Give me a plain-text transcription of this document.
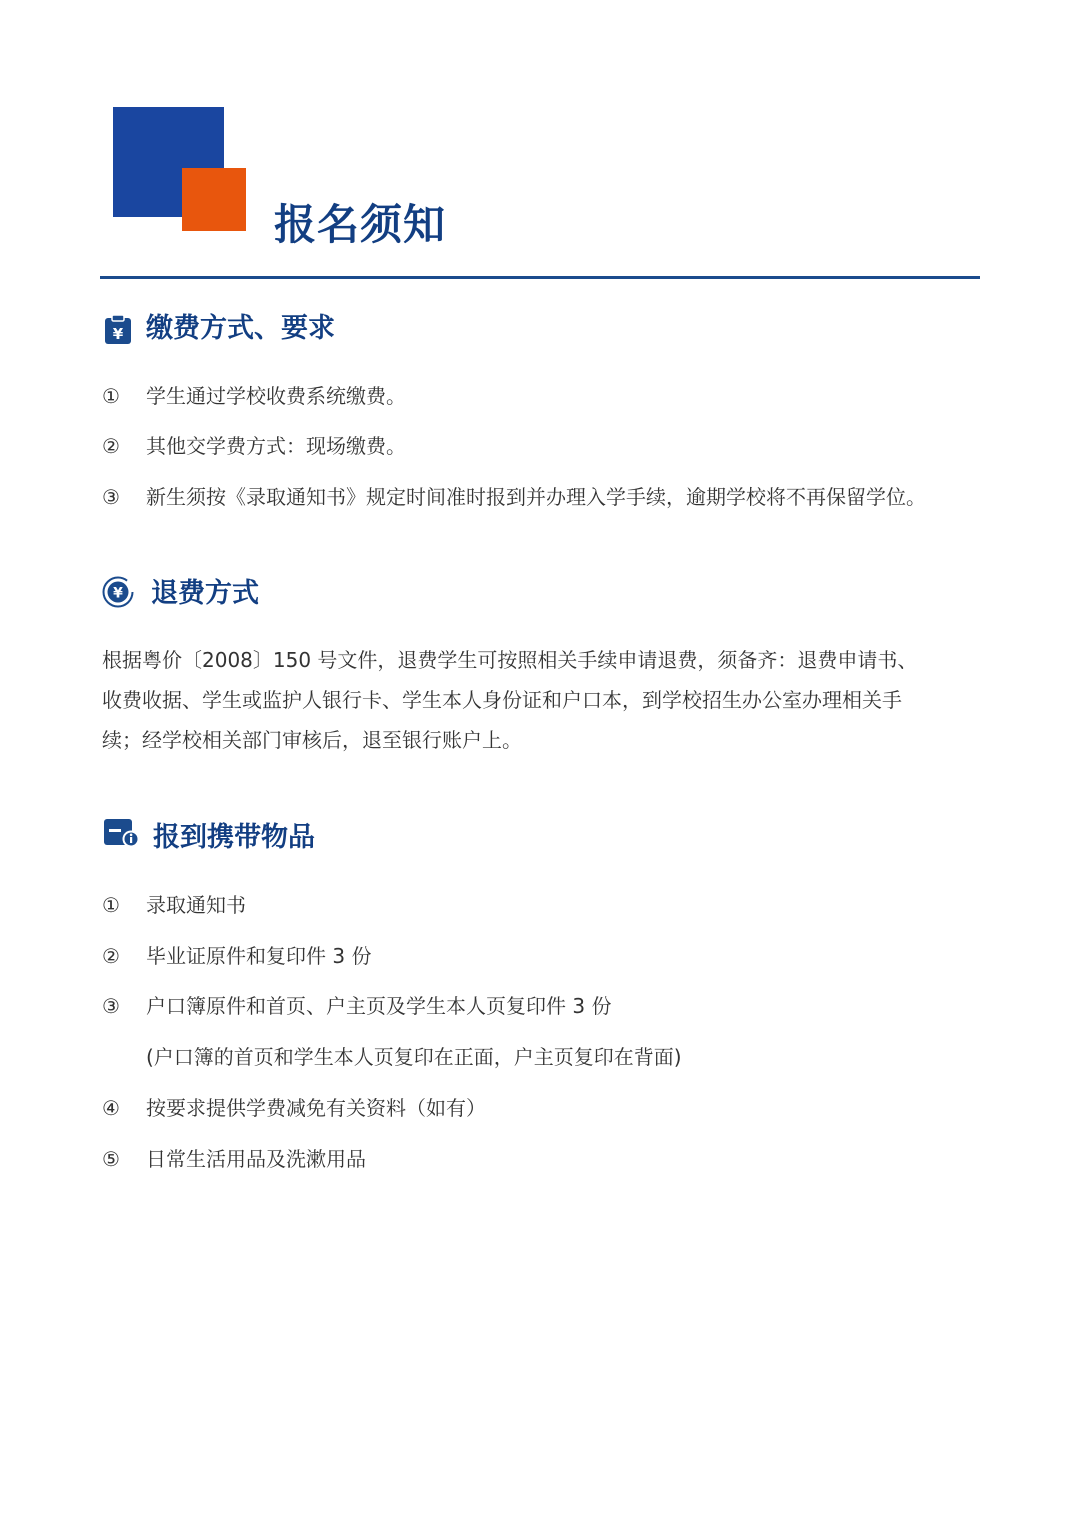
报名须知
¥ 缴费方式、要求
① 学生通过学校收费系统缴费。
② 其他交学费方式：现场缴费。
③ 新生须按《录取通知书》规定时间准时报到并办理入学手续，逾期学校将不再保留学位。
¥ 退费方式
根据粤价〔2008〕150 号文件，退费学生可按照相关手续申请退费，须备齐：退费申请书、
收费收据、学生或监护人银行卡、学生本人身份证和户口本，到学校招生办公室办理相关手
续；经学校相关部门审核后，退至银行账户上。
报到携带物品
① 录取通知书
② 毕业证原件和复印件 3 份
③ 户口簿原件和首页、户主页及学生本人页复印件 3 份
(户口簿的首页和学生本人页复印在正面，户主页复印在背面)
④ 按要求提供学费减免有关资料（如有）
⑤ 日常生活用品及洗漱用品
